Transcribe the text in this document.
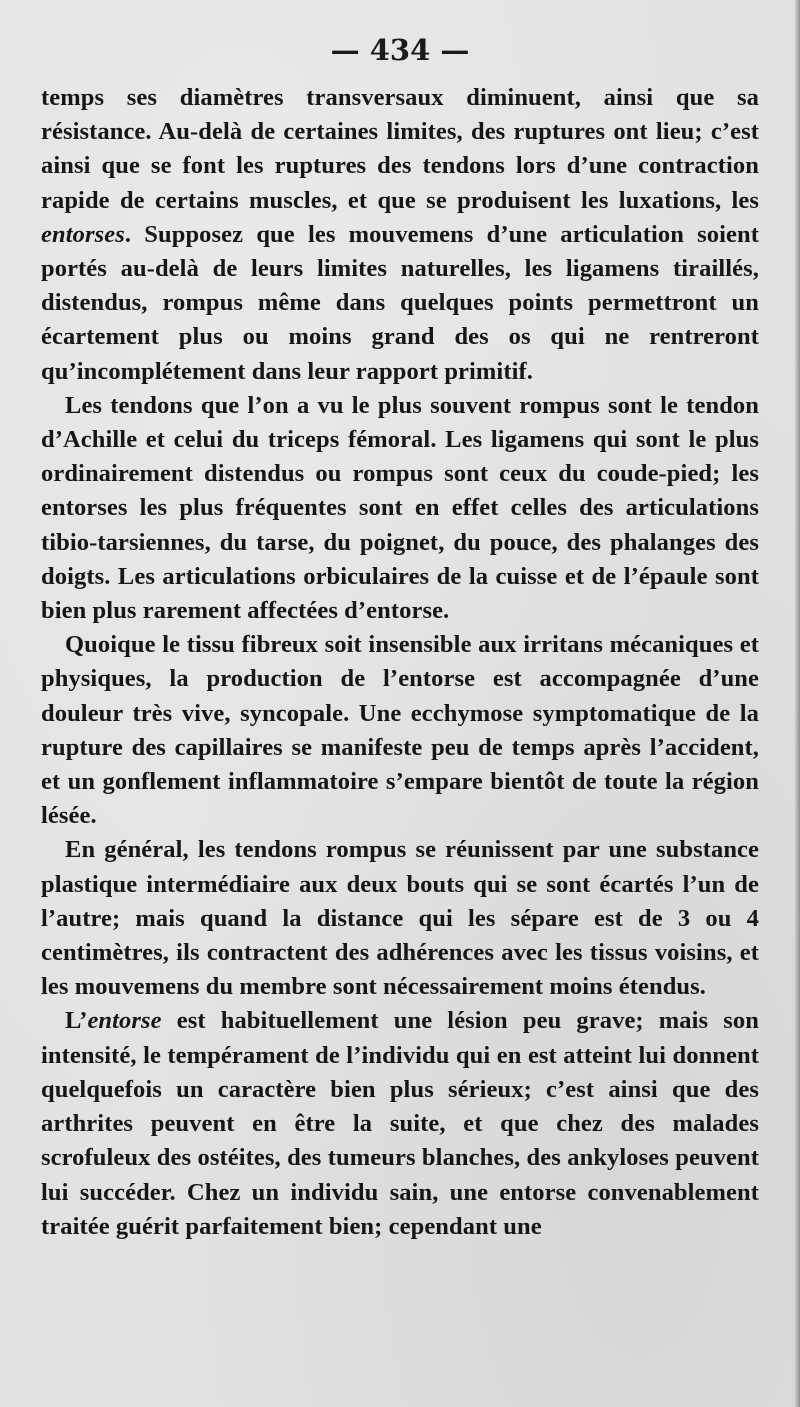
— 434 —

temps ses diamètres transversaux diminuent, ainsi que sa résistance. Au-delà de certaines limites, des ruptures ont lieu; c’est ainsi que se font les ruptures des tendons lors d’une contraction rapide de certains muscles, et que se produisent les luxations, les entorses. Supposez que les mouvemens d’une articulation soient portés au-delà de leurs limites naturelles, les ligamens tiraillés, distendus, rompus même dans quelques points permettront un écartement plus ou moins grand des os qui ne rentreront qu’incomplétement dans leur rapport primitif.

Les tendons que l’on a vu le plus souvent rompus sont le tendon d’Achille et celui du triceps fémoral. Les ligamens qui sont le plus ordinairement distendus ou rompus sont ceux du coude-pied; les entorses les plus fréquentes sont en effet celles des articulations tibio-tarsiennes, du tarse, du poignet, du pouce, des phalanges des doigts. Les articulations orbiculaires de la cuisse et de l’épaule sont bien plus rarement affectées d’entorse.

Quoique le tissu fibreux soit insensible aux irritans mécaniques et physiques, la production de l’entorse est accompagnée d’une douleur très vive, syncopale. Une ecchymose symptomatique de la rupture des capillaires se manifeste peu de temps après l’accident, et un gonflement inflammatoire s’empare bientôt de toute la région lésée.

En général, les tendons rompus se réunissent par une substance plastique intermédiaire aux deux bouts qui se sont écartés l’un de l’autre; mais quand la distance qui les sépare est de 3 ou 4 centimètres, ils contractent des adhérences avec les tissus voisins, et les mouvemens du membre sont nécessairement moins étendus.

L’entorse est habituellement une lésion peu grave; mais son intensité, le tempérament de l’individu qui en est atteint lui donnent quelquefois un caractère bien plus sérieux; c’est ainsi que des arthrites peuvent en être la suite, et que chez des malades scrofuleux des ostéites, des tumeurs blanches, des ankyloses peuvent lui succéder. Chez un individu sain, une entorse convenablement traitée guérit parfaitement bien; cependant une
